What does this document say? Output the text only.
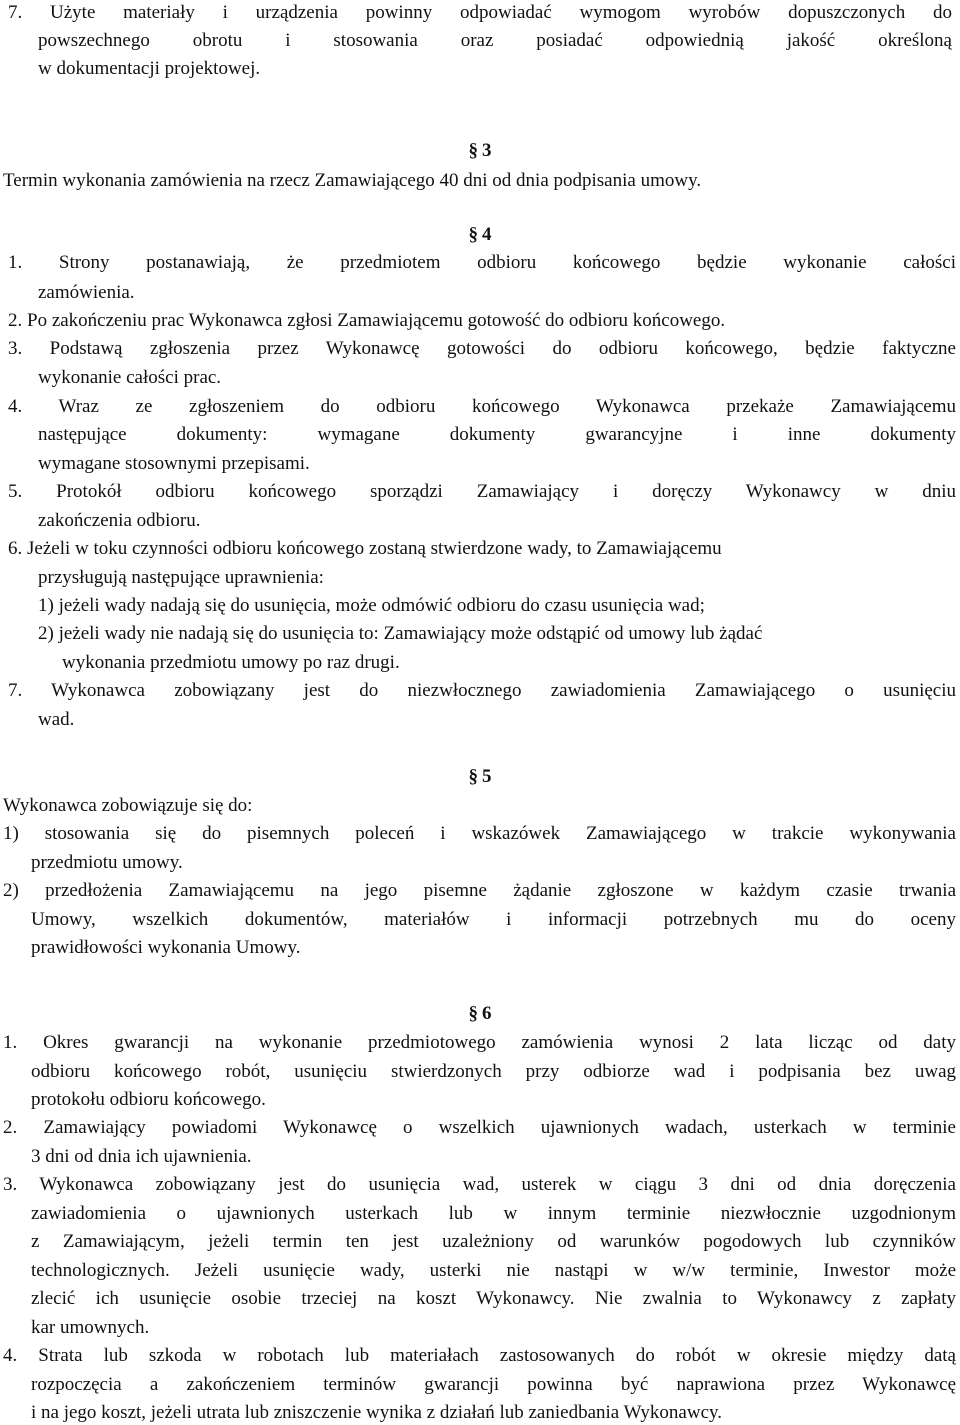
7. Użyte materiały i urządzenia powinny odpowiadać wymogom wyrobów dopuszczonych do
powszechnego obrotu i stosowania oraz posiadać odpowiednią jakość określoną
w dokumentacji projektowej.
Termin wykonania zamówienia na rzecz Zamawiającego 40 dni od dnia podpisania umowy.
1. Strony postanawiają, że przedmiotem odbioru końcowego będzie wykonanie całości
zamówienia.
2. Po zakończeniu prac Wykonawca zgłosi Zamawiającemu gotowość do odbioru końcowego.
3. Podstawą zgłoszenia przez Wykonawcę gotowości do odbioru końcowego, będzie faktyczne
wykonanie całości prac.
4. Wraz ze zgłoszeniem do odbioru końcowego Wykonawca przekaże Zamawiającemu
następujące dokumenty: wymagane dokumenty gwarancyjne i inne dokumenty
wymagane stosownymi przepisami.
5. Protokół odbioru końcowego sporządzi Zamawiający i doręczy Wykonawcy w dniu
zakończenia odbioru.
6. Jeżeli w toku czynności odbioru końcowego zostaną stwierdzone wady, to Zamawiającemu
przysługują następujące uprawnienia:
1) jeżeli wady nadają się do usunięcia, może odmówić odbioru do czasu usunięcia wad;
2) jeżeli wady nie nadają się do usunięcia to: Zamawiający może odstąpić od umowy lub żądać
wykonania przedmiotu umowy po raz drugi.
7. Wykonawca zobowiązany jest do niezwłocznego zawiadomienia Zamawiającego o usunięciu
wad.
Wykonawca zobowiązuje się do:
1) stosowania się do pisemnych poleceń i wskazówek Zamawiającego w trakcie wykonywania
przedmiotu umowy.
2) przedłożenia Zamawiającemu na jego pisemne żądanie zgłoszone w każdym czasie trwania
Umowy, wszelkich dokumentów, materiałów i informacji potrzebnych mu do oceny
prawidłowości wykonania Umowy.
1. Okres gwarancji na wykonanie przedmiotowego zamówienia wynosi 2 lata licząc od daty
odbioru końcowego robót, usunięciu stwierdzonych przy odbiorze wad i podpisania bez uwag
protokołu odbioru końcowego.
2. Zamawiający powiadomi Wykonawcę o wszelkich ujawnionych wadach, usterkach w terminie
3 dni od dnia ich ujawnienia.
3. Wykonawca zobowiązany jest do usunięcia wad, usterek w ciągu 3 dni od dnia doręczenia
zawiadomienia o ujawnionych usterkach lub w innym terminie niezwłocznie uzgodnionym
z Zamawiającym, jeżeli termin ten jest uzależniony od warunków pogodowych lub czynników
technologicznych. Jeżeli usunięcie wady, usterki nie nastąpi w w/w terminie, Inwestor może
zlecić ich usunięcie osobie trzeciej na koszt Wykonawcy. Nie zwalnia to Wykonawcy z zapłaty
kar umownych.
4. Strata lub szkoda w robotach lub materiałach zastosowanych do robót w okresie między datą
rozpoczęcia a zakończeniem terminów gwarancji powinna być naprawiona przez Wykonawcę
i na jego koszt, jeżeli utrata lub zniszczenie wynika z działań lub zaniedbania Wykonawcy.
§ 3
§ 4
§ 5
§ 6
